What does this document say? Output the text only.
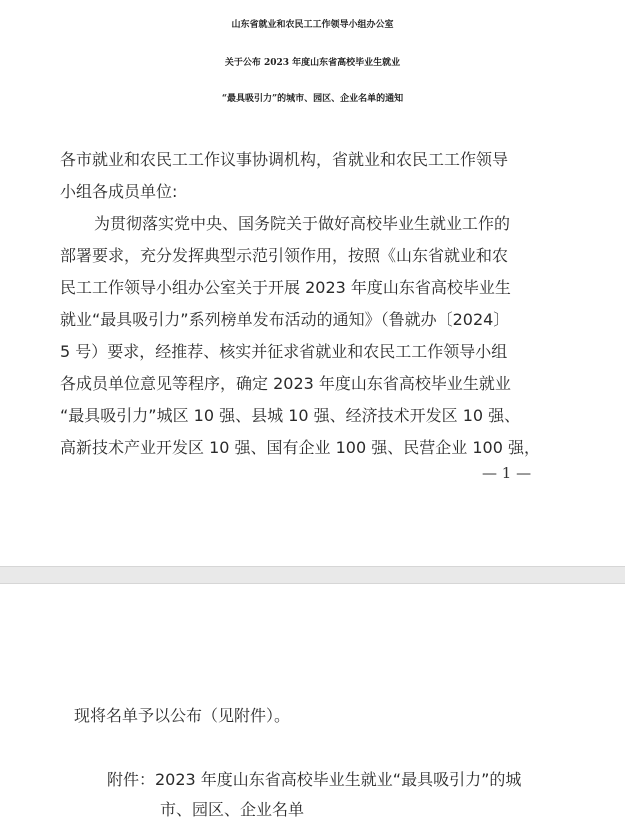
山东省就业和农民工工作领导小组办公室
关于公布 2023 年度山东省高校毕业生就业
“最具吸引力”的城市、园区、企业名单的通知
各市就业和农民工工作议事协调机构，省就业和农民工工作领导
小组各成员单位:
为贯彻落实党中央、国务院关于做好高校毕业生就业工作的
部署要求，充分发挥典型示范引领作用，按照《山东省就业和农
民工工作领导小组办公室关于开展 2023 年度山东省高校毕业生
就业“最具吸引力”系列榜单发布活动的通知》（鲁就办〔2024〕
5 号）要求，经推荐、核实并征求省就业和农民工工作领导小组
各成员单位意见等程序，确定 2023 年度山东省高校毕业生就业
“最具吸引力”城区 10 强、县城 10 强、经济技术开发区 10 强、
高新技术产业开发区 10 强、国有企业 100 强、民营企业 100 强，
— 1 —
现将名单予以公布（见附件）。
附件：2023 年度山东省高校毕业生就业“最具吸引力”的城
市、园区、企业名单
